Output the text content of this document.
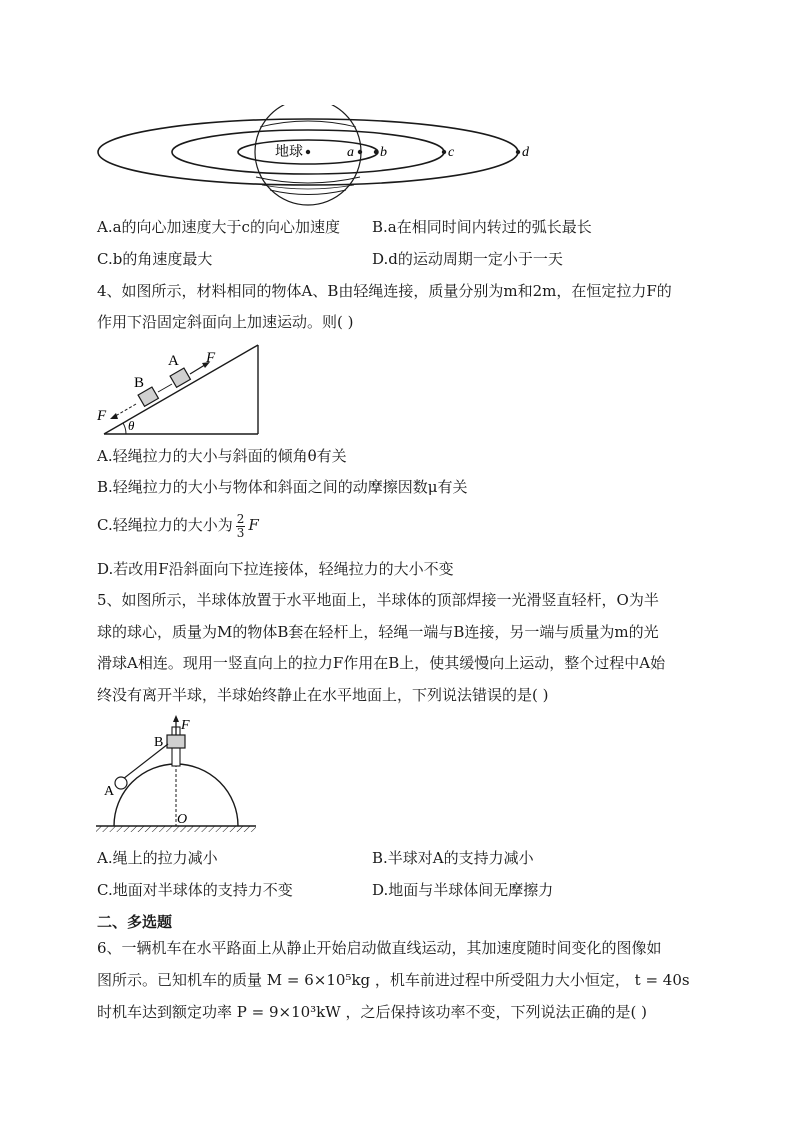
地球	a b	c	d
A.a的向心加速度大于c的向心加速度 B.a在相同时间内转过的弧长最长
C.b的角速度最大	D.d的运动周期一定小于一天
4、如图所示，材料相同的物体A、B由轻绳连接，质量分别为m和2m，在恒定拉力F的
作用下沿固定斜面向上加速运动。则( )
A
B
F
F
θ
A.轻绳拉力的大小与斜面的倾角θ有关
B.轻绳拉力的大小与物体和斜面之间的动摩擦因数μ有关
C.轻绳拉力的大小为 $\frac{2}{3}$ F
D.若改用F沿斜面向下拉连接体，轻绳拉力的大小不变
5、如图所示，半球体放置于水平地面上，半球体的顶部焊接一光滑竖直轻杆，O为半
球的球心，质量为M的物体B套在轻杆上，轻绳一端与B连接，另一端与质量为m的光
滑球A相连。现用一竖直向上的拉力F作用在B上，使其缓慢向上运动，整个过程中A始
终没有离开半球，半球始终静止在水平地面上，下列说法错误的是( )
F
B
A
O
A.绳上的拉力减小	B.半球对A的支持力减小
C.地面对半球体的支持力不变	D.地面与半球体间无摩擦力
二、多选题
6、一辆机车在水平路面上从静止开始启动做直线运动，其加速度随时间变化的图像如
图所示。已知机车的质量 M = 6×10⁵kg ，机车前进过程中所受阻力大小恒定， t = 40s
时机车达到额定功率 P = 9×10³kW ，之后保持该功率不变，下列说法正确的是( )
